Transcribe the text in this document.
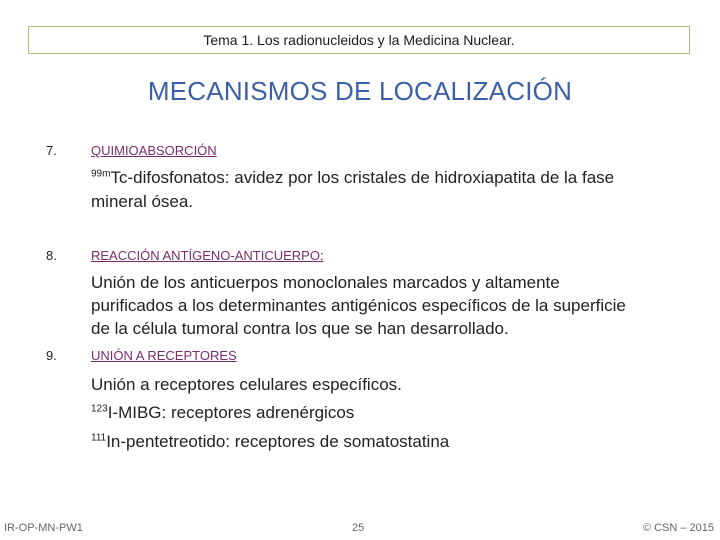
Tema 1. Los radionucleidos y la Medicina Nuclear.
MECANISMOS DE LOCALIZACIÓN
7.	QUIMIOABSORCIÓN
$^{99m}$Tc-difosfonatos: avidez por los cristales de hidroxiapatita de la fase
mineral ósea.
8.	REACCIÓN ANTÍGENO-ANTICUERPO:
Unión de los anticuerpos monoclonales marcados y altamente
purificados a los determinantes antigénicos específicos de la superficie
de la célula tumoral contra los que se han desarrollado.
9.	UNIÓN A RECEPTORES
Unión a receptores celulares específicos.
$^{123}$I-MIBG: receptores adrenérgicos
$^{111}$In-pentetreotido: receptores de somatostatina
IR-OP-MN-PW1	25	© CSN – 2015
